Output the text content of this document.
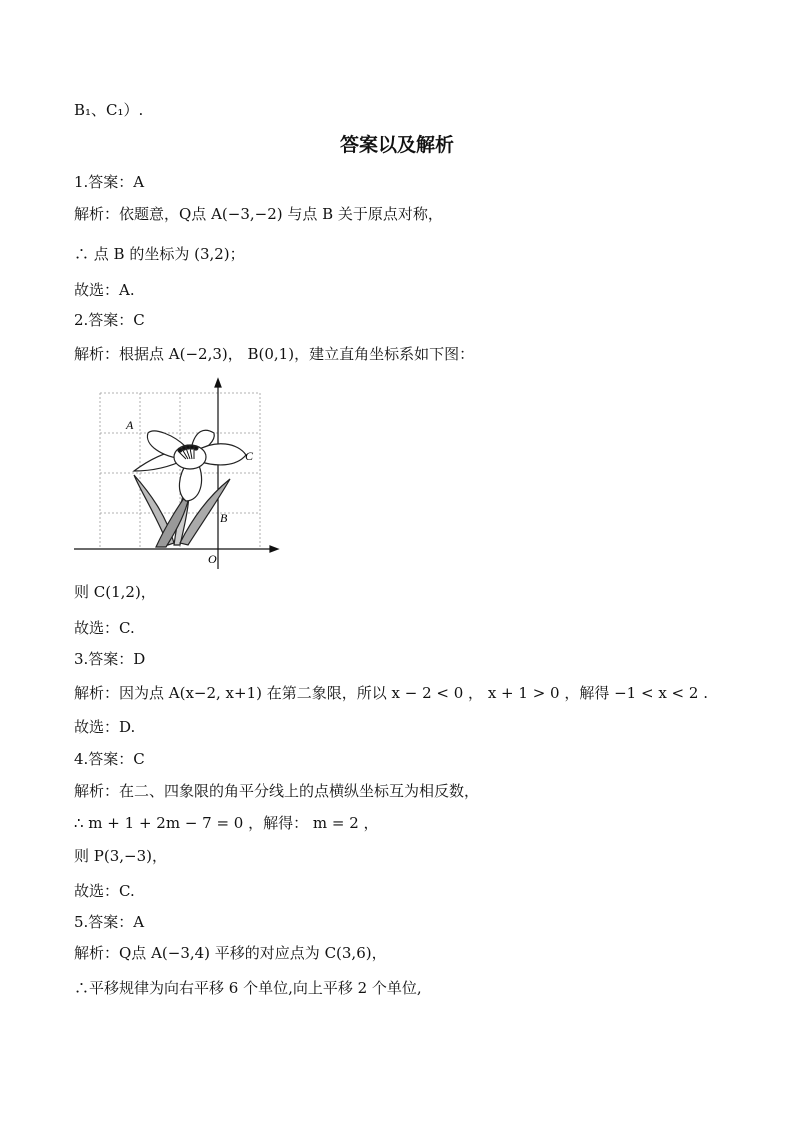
B₁、C₁）.
答案以及解析
1.答案：A
解析：依题意，Q点 A(−3,−2) 与点 B 关于原点对称，
∴ 点 B 的坐标为 (3,2)；
故选：A.
2.答案：C
解析：根据点 A(−2,3)， B(0,1)，建立直角坐标系如下图：
A
C
B
O
则 C(1,2)，
故选：C.
3.答案：D
解析：因为点 A(x−2, x+1) 在第二象限，所以 x − 2 < 0 ， x + 1 > 0 ，解得 −1 < x < 2 .
故选：D.
4.答案：C
解析：在二、四象限的角平分线上的点横纵坐标互为相反数，
∴ m + 1 + 2m − 7 = 0 ，解得： m = 2 ，
则 P(3,−3)，
故选：C.
5.答案：A
解析：Q点 A(−3,4) 平移的对应点为 C(3,6)，
∴平移规律为向右平移 6 个单位,向上平移 2 个单位,
